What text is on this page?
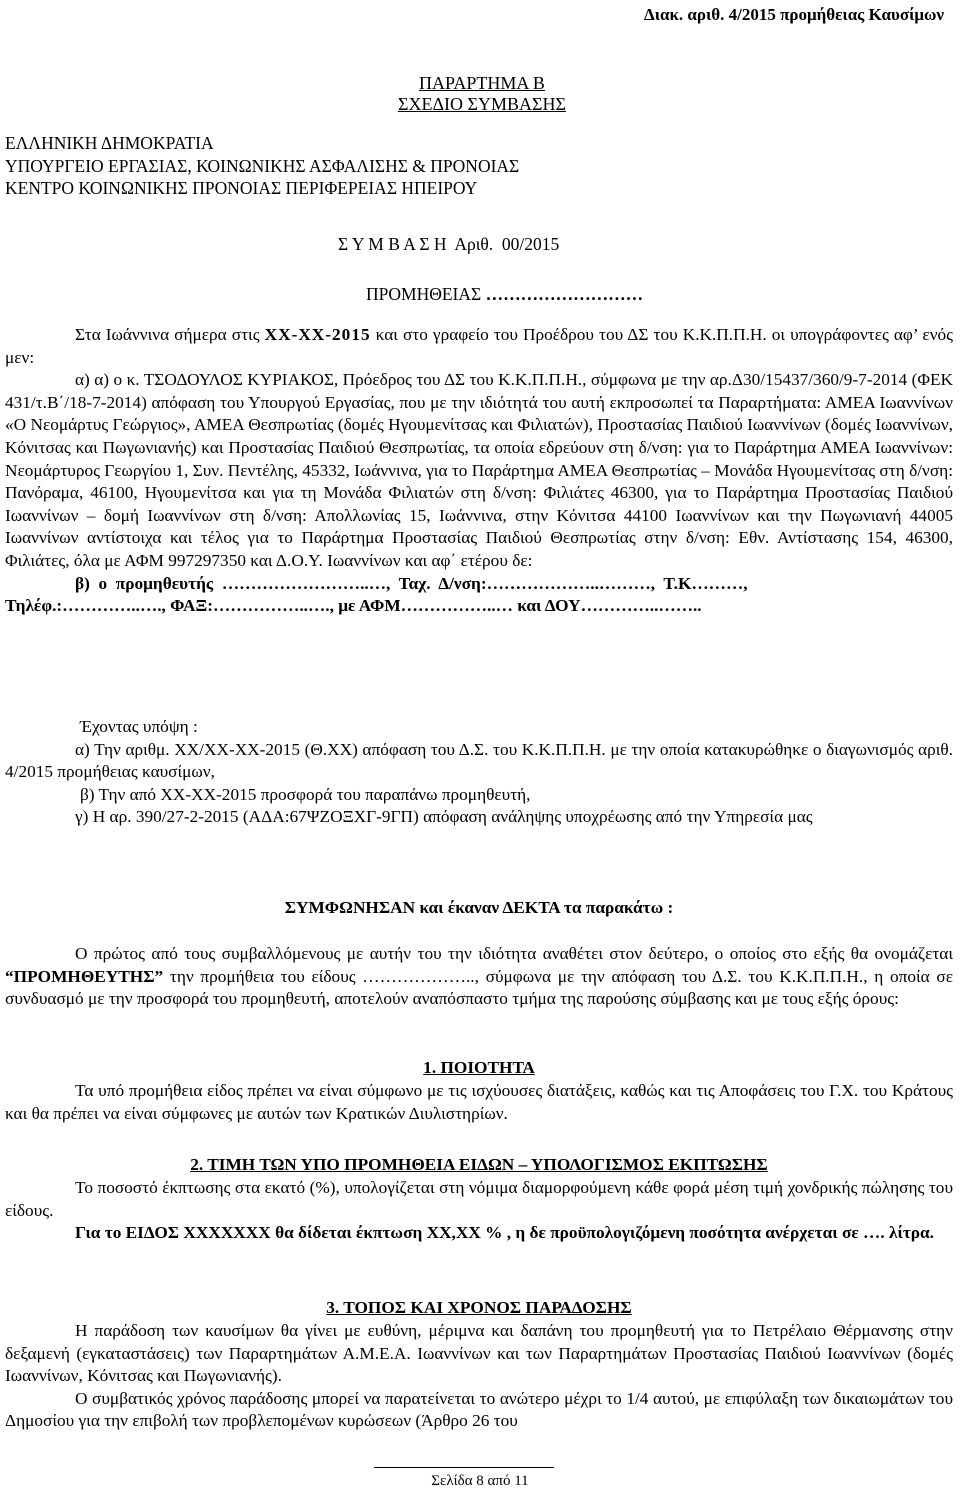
Διακ. αριθ. 4/2015 προμήθειας Καυσίμων
ΠΑΡΑΡΤΗΜΑ Β
ΣΧΕΔΙΟ ΣΥΜΒΑΣΗΣ
ΕΛΛΗΝΙΚΗ ΔΗΜΟΚΡΑΤΙΑ
ΥΠΟΥΡΓΕΙΟ ΕΡΓΑΣΙΑΣ, ΚΟΙΝΩΝΙΚΗΣ ΑΣΦΑΛΙΣΗΣ & ΠΡΟΝΟΙΑΣ
ΚΕΝΤΡΟ ΚΟΙΝΩΝΙΚΗΣ ΠΡΟΝΟΙΑΣ ΠΕΡΙΦΕΡΕΙΑΣ ΗΠΕΙΡΟΥ
Σ Υ Μ Β Α Σ Η  Αριθ.  00/2015
ΠΡΟΜΗΘΕΙΑΣ ………………………

Στα Ιωάννινα σήμερα στις ΧΧ-ΧΧ-2015 και στο γραφείο του Προέδρου του ΔΣ του Κ.Κ.Π.Π.Η. οι υπογράφοντες αφ’ ενός μεν:

α) α) ο κ. ΤΣΟΔΟΥΛΟΣ ΚΥΡΙΑΚΟΣ, Πρόεδρος του ΔΣ του Κ.Κ.Π.Π.Η., σύμφωνα με την αρ.Δ30/15437/360/9-7-2014 (ΦΕΚ 431/τ.Β΄/18-7-2014) απόφαση του Υπουργού Εργασίας, που με την ιδιότητά του αυτή εκπροσωπεί τα Παραρτήματα: ΑΜΕΑ Ιωαννίνων «Ο Νεομάρτυς Γεώργιος», ΑΜΕΑ Θεσπρωτίας (δομές Ηγουμενίτσας και Φιλιατών), Προστασίας Παιδιού Ιωαννίνων (δομές Ιωαννίνων, Κόνιτσας και Πωγωνιανής) και Προστασίας Παιδιού Θεσπρωτίας, τα οποία εδρεύουν στη δ/νση: για το Παράρτημα ΑΜΕΑ Ιωαννίνων: Νεομάρτυρος Γεωργίου 1, Συν. Πεντέλης, 45332, Ιωάννινα, για το Παράρτημα ΑΜΕΑ Θεσπρωτίας – Μονάδα Ηγουμενίτσας στη δ/νση: Πανόραμα, 46100, Ηγουμενίτσα και για τη Μονάδα Φιλιατών στη δ/νση: Φιλιάτες 46300, για το Παράρτημα Προστασίας Παιδιού Ιωαννίνων – δομή Ιωαννίνων στη δ/νση: Απολλωνίας 15, Ιωάννινα, στην Κόνιτσα 44100 Ιωαννίνων και την Πωγωνιανή 44005 Ιωαννίνων αντίστοιχα και τέλος για το Παράρτημα Προστασίας Παιδιού Θεσπρωτίας στην δ/νση: Εθν. Αντίστασης 154, 46300, Φιλιάτες, όλα με ΑΦΜ 997297350 και Δ.Ο.Υ. Ιωαννίνων και αφ΄ ετέρου δε:

β)  ο  προμηθευτής  ……………………..…,  Ταχ.  Δ/νση:………………..………,  Τ.Κ………,

Τηλέφ.:…………..…., ΦΑΞ:……………..…., με ΑΦΜ……………..… και ΔΟΥ…………..……..

Έχοντας υπόψη :

α) Την αριθμ. ΧΧ/ΧΧ-ΧΧ-2015 (Θ.ΧΧ) απόφαση του Δ.Σ. του Κ.Κ.Π.Π.Η. με την οποία κατακυρώθηκε ο διαγωνισμός αριθ. 4/2015 προμήθειας καυσίμων,

β) Την από ΧΧ-ΧΧ-2015 προσφορά του παραπάνω προμηθευτή,

γ) Η αρ. 390/27-2-2015 (ΑΔΑ:67ΨΖΟΞΧΓ-9ΓΠ) απόφαση ανάληψης υποχρέωσης από την Υπηρεσία μας

ΣΥΜΦΩΝΗΣΑΝ και έκαναν ΔΕΚΤΑ τα παρακάτω :

Ο πρώτος από τους συμβαλλόμενους με αυτήν του την ιδιότητα αναθέτει στον δεύτερο, ο οποίος στο εξής θα ονομάζεται “ΠΡΟΜΗΘΕΥΤΗΣ” την προμήθεια του είδους ……………….., σύμφωνα με την απόφαση του Δ.Σ. του Κ.Κ.Π.Π.Η., η οποία σε συνδυασμό με την προσφορά του προμηθευτή, αποτελούν αναπόσπαστο τμήμα της παρούσης σύμβασης και με τους εξής όρους:

1. ΠΟΙΟΤΗΤΑ

Τα υπό προμήθεια είδος πρέπει να είναι σύμφωνο με τις ισχύουσες διατάξεις, καθώς και τις Αποφάσεις του Γ.Χ. του Κράτους και θα πρέπει να είναι σύμφωνες με αυτών των Κρατικών Διυλιστηρίων.

2. ΤΙΜΗ ΤΩΝ ΥΠΟ ΠΡΟΜΗΘΕΙΑ ΕΙΔΩΝ – ΥΠΟΛΟΓΙΣΜΟΣ ΕΚΠΤΩΣΗΣ

Το ποσοστό έκπτωσης στα εκατό (%), υπολογίζεται στη νόμιμα διαμορφούμενη κάθε φορά μέση τιμή χονδρικής πώλησης του είδους.

Για το ΕΙΔΟΣ ΧΧΧΧΧΧΧ θα δίδεται έκπτωση ΧΧ,ΧΧ % , η δε προϋπολογιζόμενη ποσότητα ανέρχεται σε …. λίτρα.

3. ΤΟΠΟΣ ΚΑΙ ΧΡΟΝΟΣ ΠΑΡΑΔΟΣΗΣ

Η παράδοση των καυσίμων θα γίνει με ευθύνη, μέριμνα και δαπάνη του προμηθευτή για το Πετρέλαιο Θέρμανσης στην δεξαμενή (εγκαταστάσεις) των Παραρτημάτων Α.Μ.Ε.Α. Ιωαννίνων και των Παραρτημάτων Προστασίας Παιδιού Ιωαννίνων (δομές Ιωαννίνων, Κόνιτσας και Πωγωνιανής).

Ο συμβατικός χρόνος παράδοσης μπορεί να παρατείνεται το ανώτερο μέχρι το 1/4 αυτού, με επιφύλαξη των δικαιωμάτων του Δημοσίου για την επιβολή των προβλεπομένων κυρώσεων (Άρθρο 26 του

Σελίδα 8 από 11
